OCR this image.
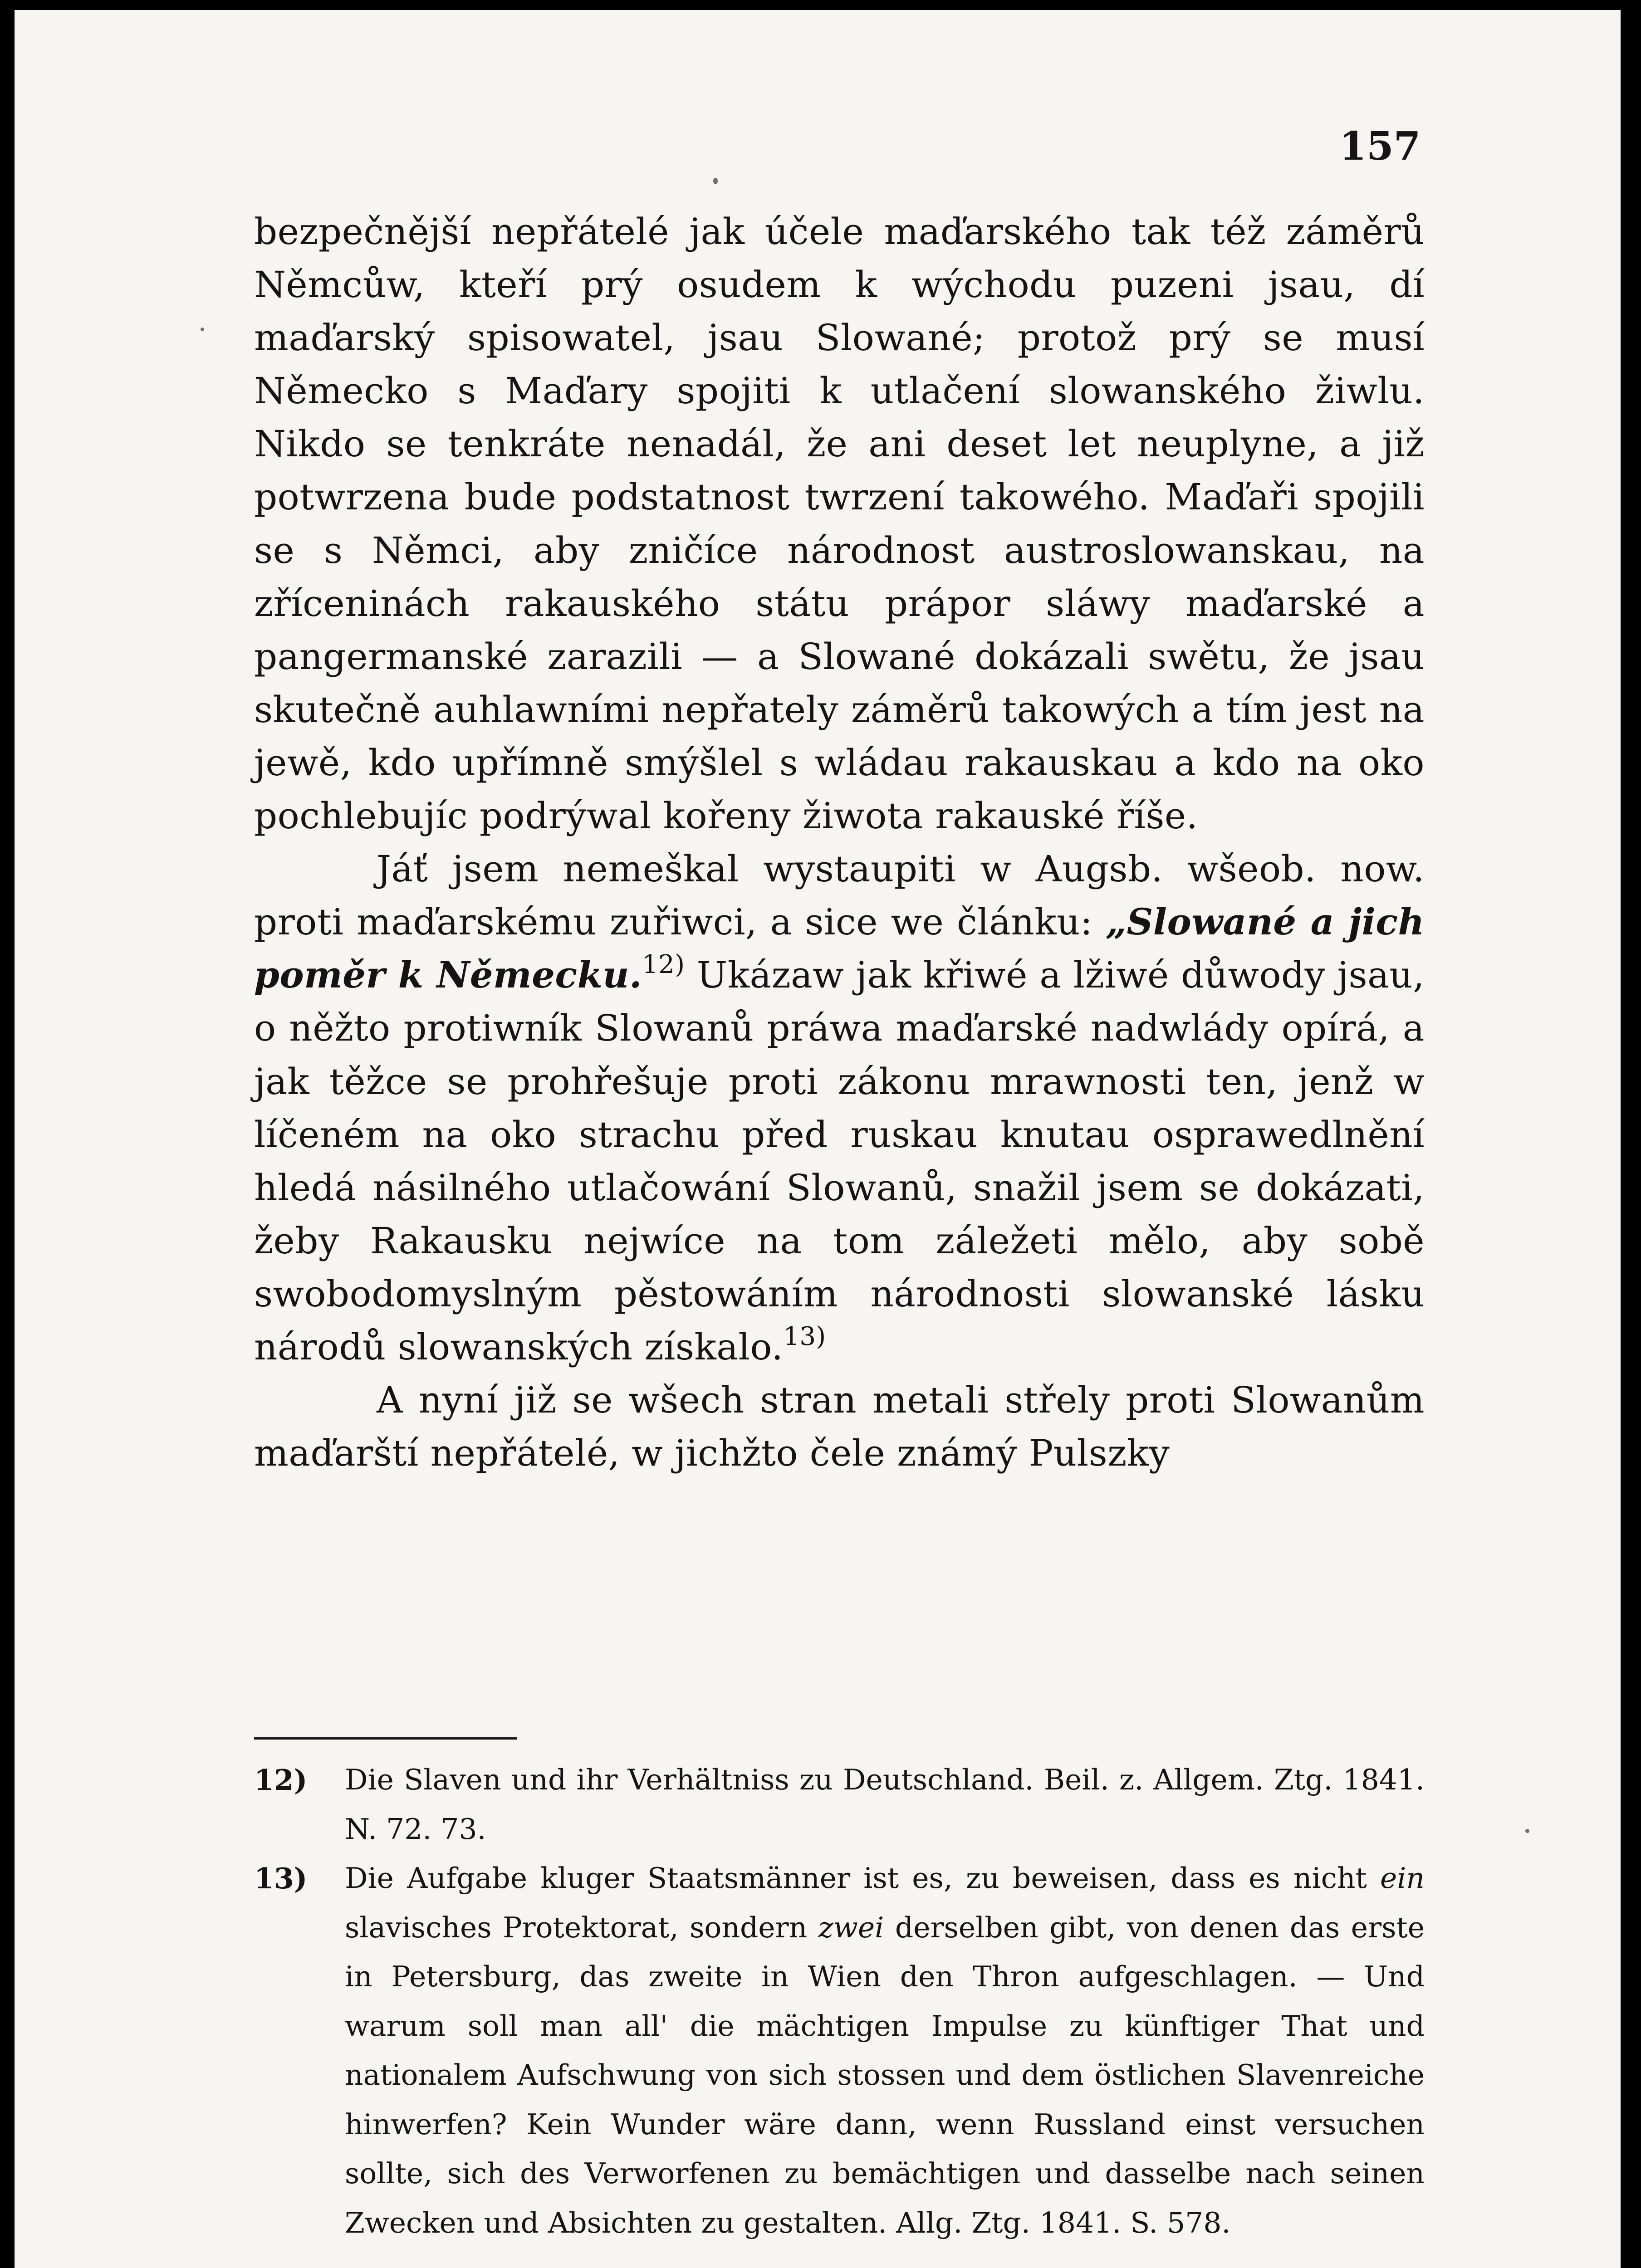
157

bezpečnější nepřátelé jak účele maďarského tak též záměrů Němcůw, kteří prý osudem k wýchodu puzeni jsau, dí maďarský spisowatel, jsau Slowané; protož prý se musí Německo s Maďary spojiti k utlačení slowanského žiwlu. Nikdo se tenkráte nenadál, že ani deset let neuplyne, a již potwrzena bude podstatnost twrzení takowého. Maďaři spojili se s Němci, aby zničíce národnost austroslowanskau, na zříceninách rakauského státu prápor sláwy maďarské a pangermanské zarazili — a Slowané dokázali swětu, že jsau skutečně auhlawními nepřately záměrů takowých a tím jest na jewě, kdo upřímně smýšlel s wládau rakauskau a kdo na oko pochlebujíc podrýwal kořeny žiwota rakauské říše.

Jáť jsem nemeškal wystaupiti w Augsb. wšeob. now. proti maďarskému zuřiwci, a sice we článku: „Slowané a jich poměr k Německu.$^{12)}$ Ukázaw jak křiwé a lžiwé důwody jsau, o něžto protiwník Slowanů práwa maďarské nadwlády opírá, a jak těžce se prohřešuje proti zákonu mrawnosti ten, jenž w líčeném na oko strachu před ruskau knutau osprawedlnění hledá násilného utlačowání Slowanů, snažil jsem se dokázati, žeby Rakausku nejwíce na tom záležeti mělo, aby sobě swobodomyslným pěstowáním národnosti slowanské lásku národů slowanských získalo.$^{13)}$

A nyní již se wšech stran metali střely proti Slowanům maďarští nepřátelé, w jichžto čele známý Pulszky

12)	Die Slaven und ihr Verhältniss zu Deutschland. Beil. z. Allgem. Ztg. 1841. N. 72. 73.
13)	Die Aufgabe kluger Staatsmänner ist es, zu beweisen, dass es nicht ein slavisches Protektorat, sondern zwei derselben gibt, von denen das erste in Petersburg, das zweite in Wien den Thron aufgeschlagen. — Und warum soll man all' die mächtigen Impulse zu künftiger That und nationalem Aufschwung von sich stossen und dem östlichen Slavenreiche hinwerfen? Kein Wunder wäre dann, wenn Russland einst versuchen sollte, sich des Verworfenen zu bemächtigen und dasselbe nach seinen Zwecken und Absichten zu gestalten. Allg. Ztg. 1841. S. 578.
